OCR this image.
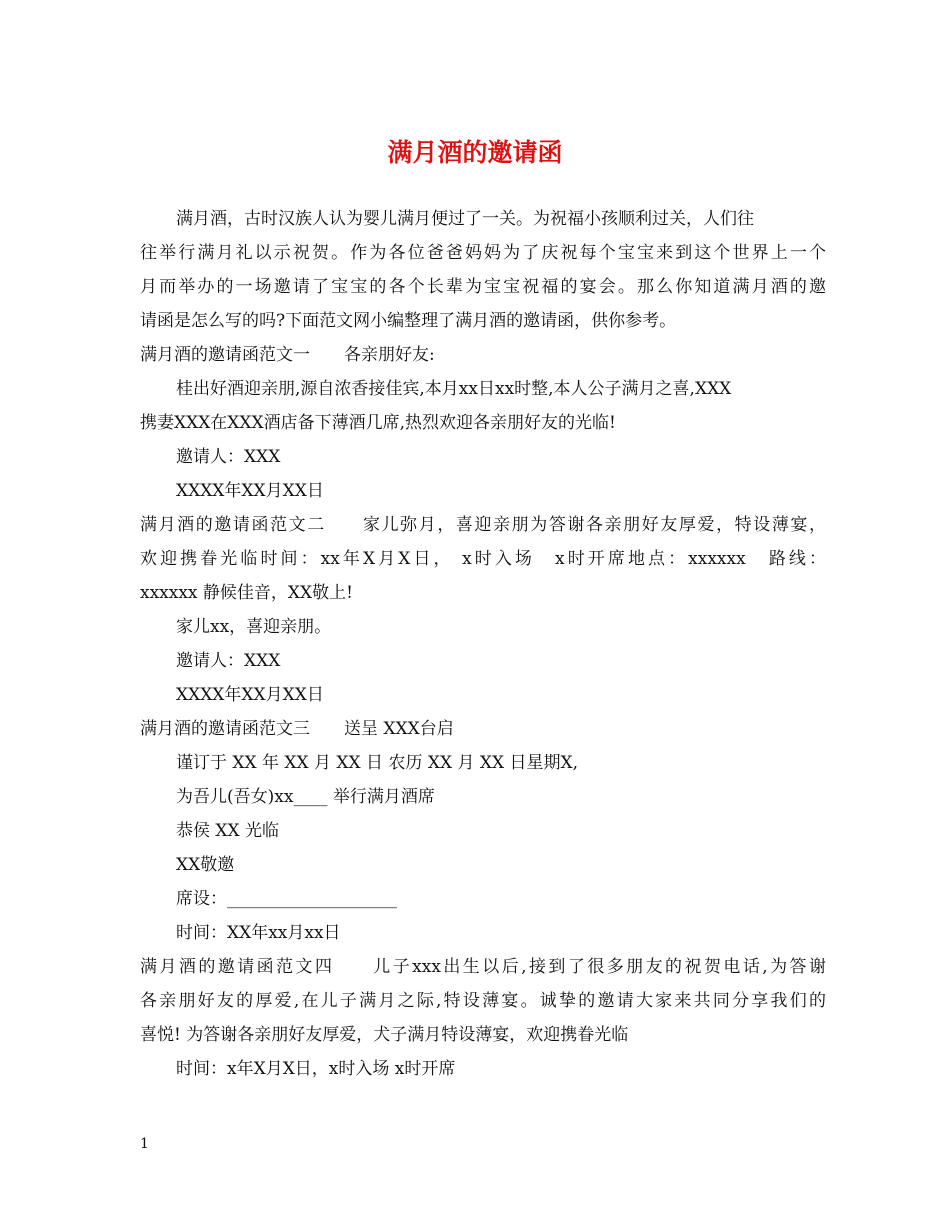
满月酒的邀请函
满月酒，古时汉族人认为婴儿满月便过了一关。为祝福小孩顺利过关，人们往
往举行满月礼以示祝贺。作为各位爸爸妈妈为了庆祝每个宝宝来到这个世界上一个
月而举办的一场邀请了宝宝的各个长辈为宝宝祝福的宴会。那么你知道满月酒的邀
请函是怎么写的吗?下面范文网小编整理了满月酒的邀请函，供你参考。
满月酒的邀请函范文一　　各亲朋好友:
桂出好酒迎亲朋,源自浓香接佳宾,本月xx日xx时整,本人公子满月之喜,XXX
携妻XXX在XXX酒店备下薄酒几席,热烈欢迎各亲朋好友的光临!
邀请人：XXX
XXXX年XX月XX日
满月酒的邀请函范文二　　家儿弥月，喜迎亲朋为答谢各亲朋好友厚爱，特设薄宴，
欢迎携眷光临时间：xx年X月X日， x时入场　x时开席地点：xxxxxx　路线：
xxxxxx 静候佳音，XX敬上!
家儿xx，喜迎亲朋。
邀请人：XXX
XXXX年XX月XX日
满月酒的邀请函范文三　　送呈 XXX台启
谨订于 XX 年 XX 月 XX 日 农历 XX 月 XX 日星期X,
为吾儿(吾女)xx____ 举行满月酒席
恭侯 XX 光临
XX敬邀
席设：____________________
时间：XX年xx月xx日
满月酒的邀请函范文四　　儿子xxx出生以后,接到了很多朋友的祝贺电话,为答谢
各亲朋好友的厚爱,在儿子满月之际,特设薄宴。诚挚的邀请大家来共同分享我们的
喜悦! 为答谢各亲朋好友厚爱，犬子满月特设薄宴，欢迎携眷光临
时间：x年X月X日，x时入场 x时开席
1
